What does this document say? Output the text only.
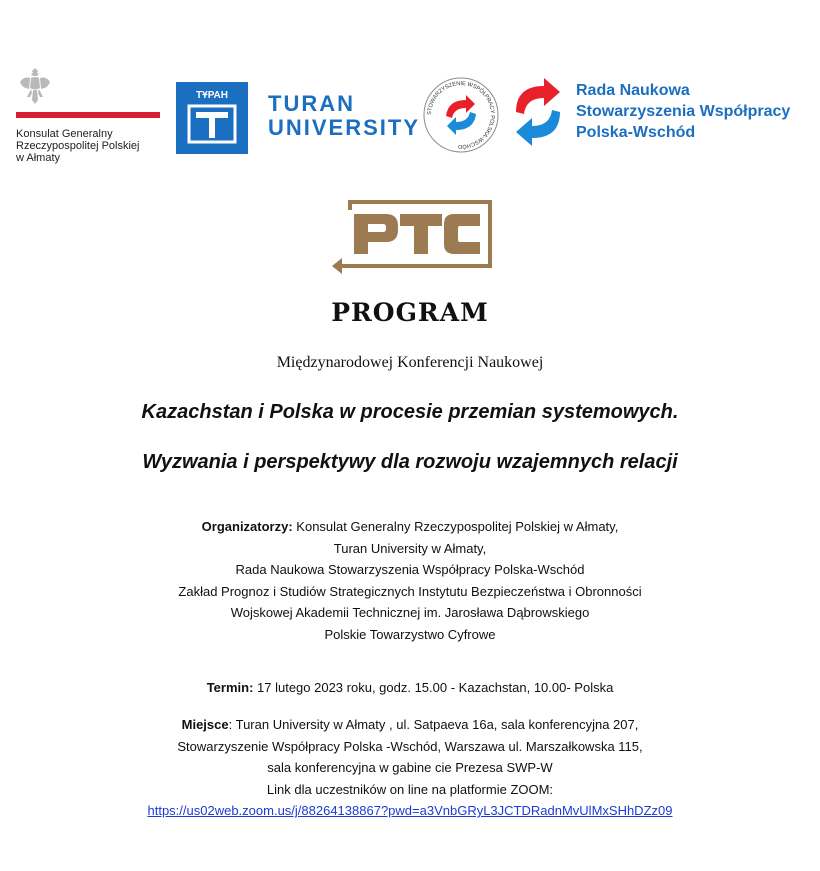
Konsulat Generalny
Rzeczypospolitej Polskiej
w Ałmaty
ТҰРАН TURAN
UNIVERSITY
STOWARZYSZENIE WSPÓŁPRACY POLSKA-WSCHÓD
Rada Naukowa
Stowarzyszenia Współpracy
Polska-Wschód
PROGRAM
Międzynarodowej Konferencji Naukowej
Kazachstan i Polska w procesie przemian systemowych.
Wyzwania i perspektywy dla rozwoju wzajemnych relacji
Organizatorzy: Konsulat Generalny Rzeczypospolitej Polskiej w Ałmaty,
Turan University w Ałmaty,
Rada Naukowa Stowarzyszenia Współpracy Polska-Wschód
Zakład Prognoz i Studiów Strategicznych Instytutu Bezpieczeństwa i Obronności
Wojskowej Akademii Technicznej im. Jarosława Dąbrowskiego
Polskie Towarzystwo Cyfrowe
Termin: 17 lutego 2023 roku, godz. 15.00 - Kazachstan, 10.00- Polska
Miejsce: Turan University w Ałmaty , ul. Satpaeva 16a, sala konferencyjna 207,
Stowarzyszenie Współpracy Polska -Wschód, Warszawa ul. Marszałkowska 115,
sala konferencyjna w gabine cie Prezesa SWP-W
Link dla uczestników on line na platformie ZOOM:
https://us02web.zoom.us/j/88264138867?pwd=a3VnbGRyL3JCTDRadnMvUlMxSHhDZz09
